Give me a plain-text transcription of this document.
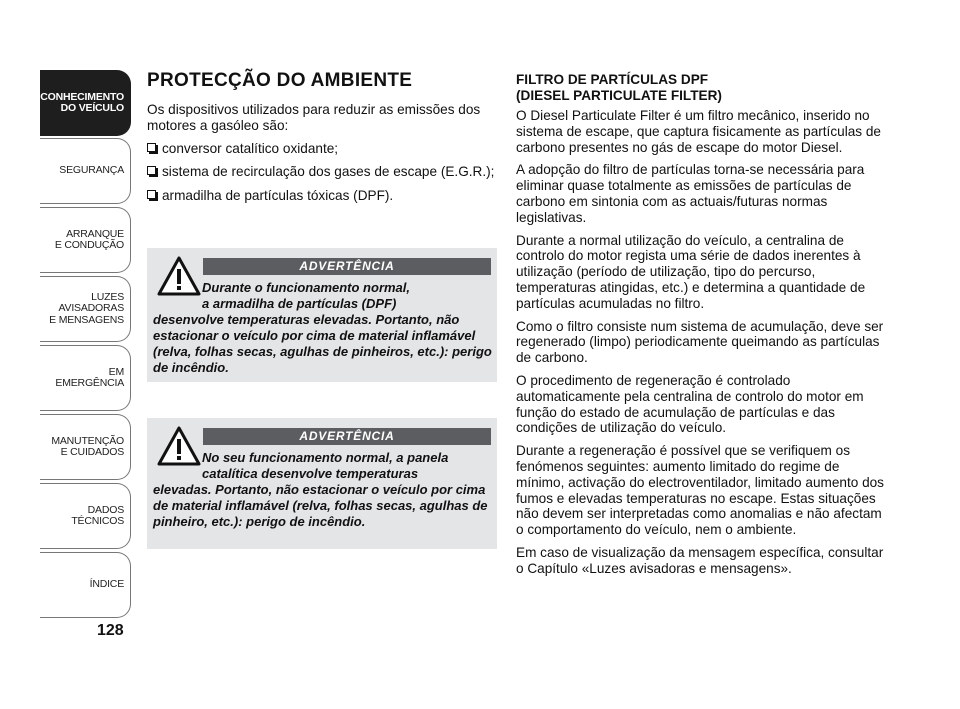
CONHECIMENTO
DO VEÍCULO
SEGURANÇA
ARRANQUE
E CONDUÇÃO
LUZES
AVISADORAS
E MENSAGENS
EM EMERGÊNCIA
MANUTENÇÃO
E CUIDADOS
DADOS
TÉCNICOS
ÍNDICE
128
PROTECÇÃO DO AMBIENTE

Os dispositivos utilizados para reduzir as emissões dos motores a gasóleo são:

conversor catalítico oxidante;
sistema de recirculação dos gases de escape (E.G.R.);
armadilha de partículas tóxicas (DPF).
ADVERTÊNCIA
Durante o funcionamento normal,
a armadilha de partículas (DPF)
desenvolve temperaturas elevadas. Portanto, não estacionar o veículo por cima de material inflamável (relva, folhas secas, agulhas de pinheiros, etc.): perigo de incêndio.
ADVERTÊNCIA
No seu funcionamento normal, a panela
catalítica desenvolve temperaturas
elevadas. Portanto, não estacionar o veículo por cima de material inflamável (relva, folhas secas, agulhas de pinheiro, etc.): perigo de incêndio.
FILTRO DE PARTÍCULAS DPF
(DIESEL PARTICULATE FILTER)

O Diesel Particulate Filter é um filtro mecânico, inserido no sistema de escape, que captura fisicamente as partículas de carbono presentes no gás de escape do motor Diesel.

A adopção do filtro de partículas torna-se necessária para eliminar quase totalmente as emissões de partículas de carbono em sintonia com as actuais/futuras normas legislativas.

Durante a normal utilização do veículo, a centralina de controlo do motor regista uma série de dados inerentes à utilização (período de utilização, tipo do percurso, temperaturas atingidas, etc.) e determina a quantidade de partículas acumuladas no filtro.

Como o filtro consiste num sistema de acumulação, deve ser regenerado (limpo) periodicamente queimando as partículas de carbono.

O procedimento de regeneração é controlado automaticamente pela centralina de controlo do motor em função do estado de acumulação de partículas e das condições de utilização do veículo.

Durante a regeneração é possível que se verifiquem os fenómenos seguintes: aumento limitado do regime de mínimo, activação do electroventilador, limitado aumento dos fumos e elevadas temperaturas no escape. Estas situações não devem ser interpretadas como anomalias e não afectam o comportamento do veículo, nem o ambiente.

Em caso de visualização da mensagem específica, consultar o Capítulo «Luzes avisadoras e mensagens».
